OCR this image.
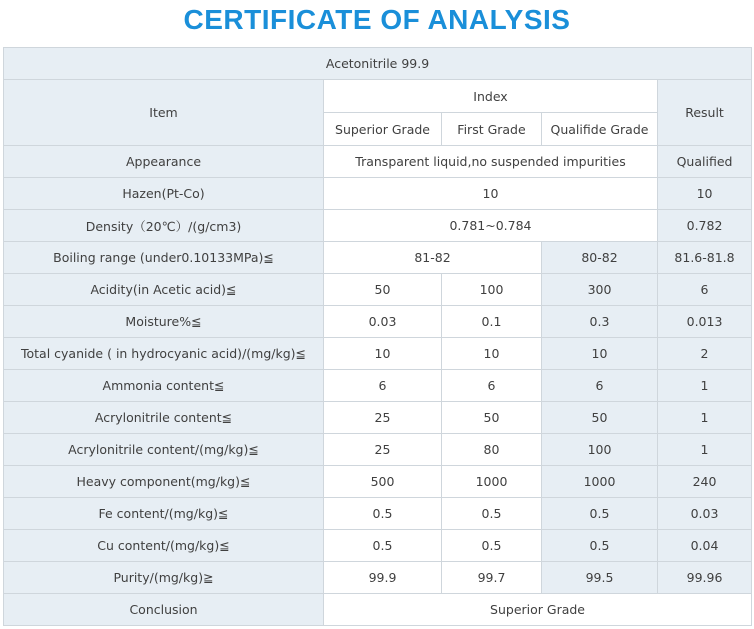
CERTIFICATE OF ANALYSIS
Acetonitrile 99.9				
Item	Index			Result
	Superior Grade	First Grade	Qualifide Grade	
Appearance	Transparent liquid,no suspended impurities			Qualified
Hazen(Pt-Co)	10			10
Density（20℃）/(g/cm3)	0.781~0.784			0.782
Boiling range (under0.10133MPa)≦	81-82		80-82	81.6-81.8
Acidity(in Acetic acid)≦	50	100	300	6
Moisture%≦	0.03	0.1	0.3	0.013
Total cyanide ( in hydrocyanic acid)/(mg/kg)≦	10	10	10	2
Ammonia content≦	6	6	6	1
Acrylonitrile content≦	25	50	50	1
Acrylonitrile content/(mg/kg)≦	25	80	100	1
Heavy component(mg/kg)≦	500	1000	1000	240
Fe content/(mg/kg)≦	0.5	0.5	0.5	0.03
Cu content/(mg/kg)≦	0.5	0.5	0.5	0.04
Purity/(mg/kg)≧	99.9	99.7	99.5	99.96
Conclusion	Superior Grade			
